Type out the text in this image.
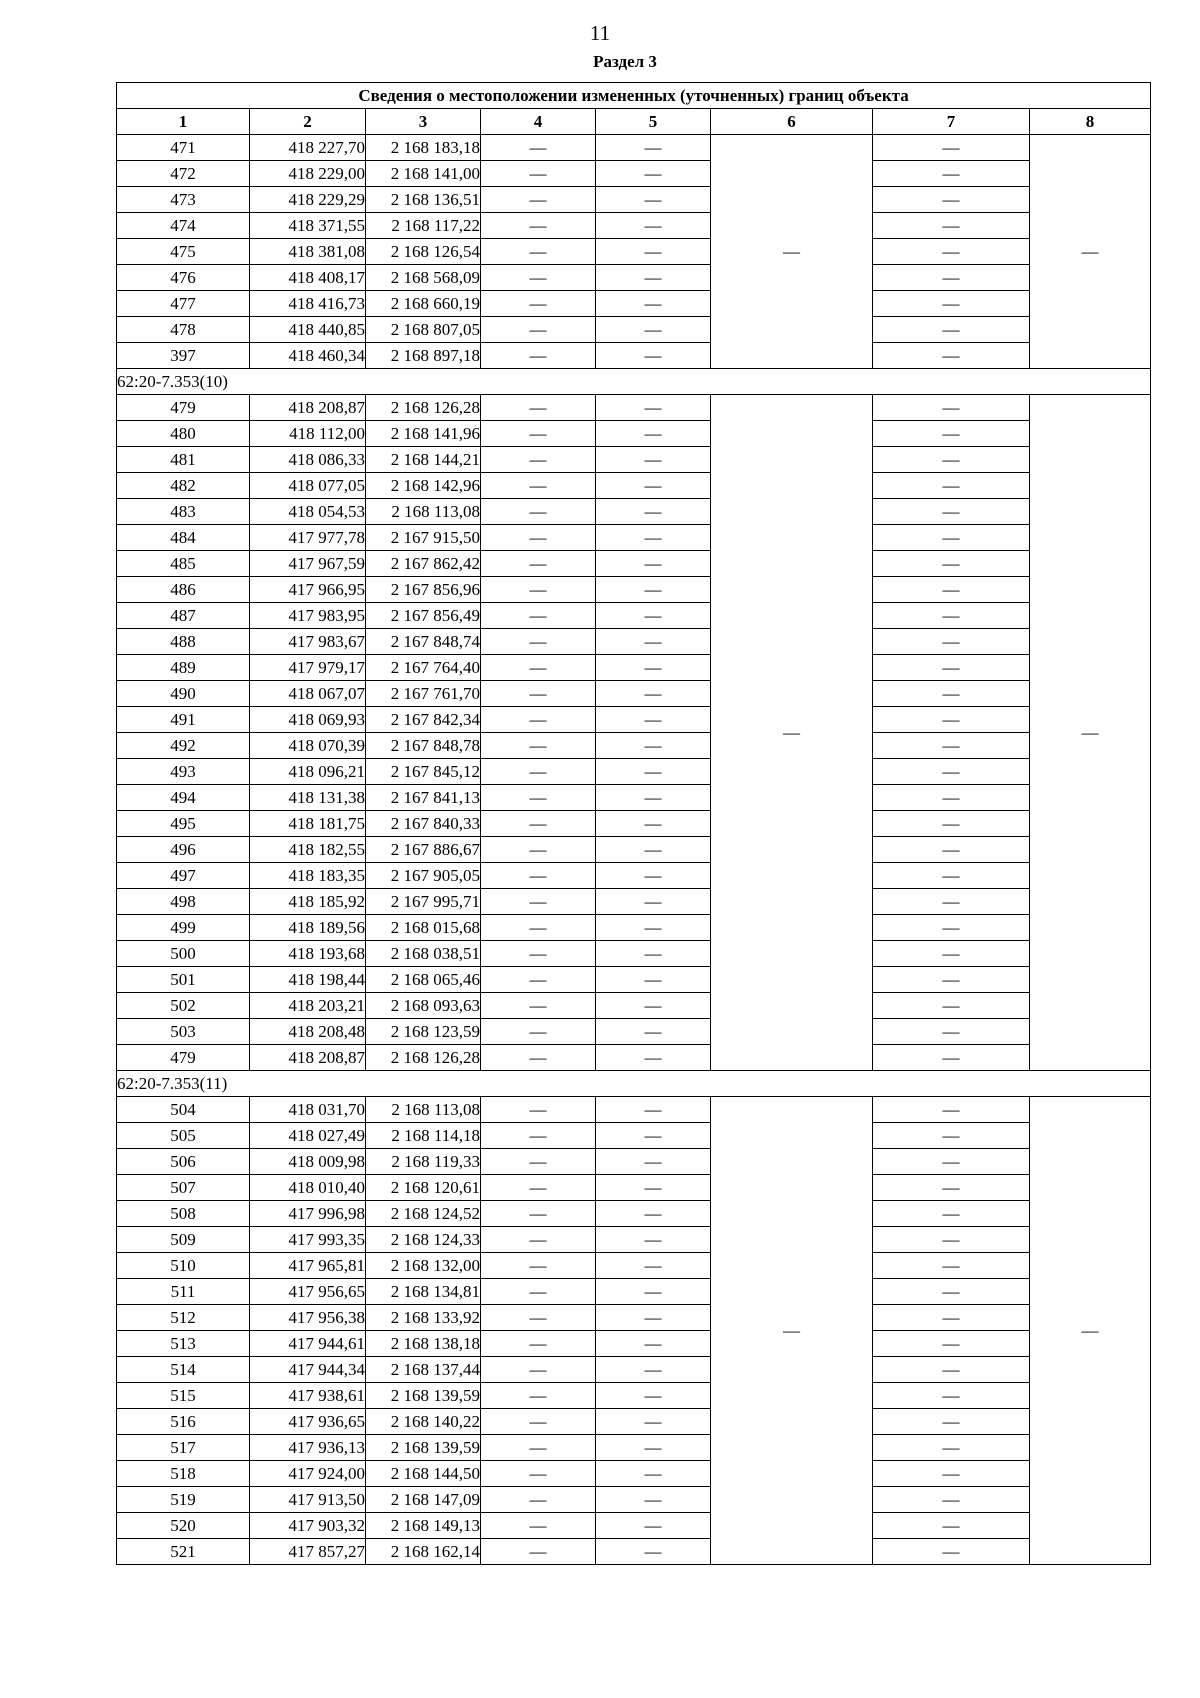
11
Раздел 3
Сведения о местоположении измененных (уточненных) границ объекта							
1	2	3	4	5	6	7	8
471	418 227,70	2 168 183,18	—	—	—	—	—
472	418 229,00	2 168 141,00	—	—		—	
473	418 229,29	2 168 136,51	—	—		—	
474	418 371,55	2 168 117,22	—	—		—	
475	418 381,08	2 168 126,54	—	—		—	
476	418 408,17	2 168 568,09	—	—		—	
477	418 416,73	2 168 660,19	—	—		—	
478	418 440,85	2 168 807,05	—	—		—	
397	418 460,34	2 168 897,18	—	—		—	
62:20-7.353(10)							
479	418 208,87	2 168 126,28	—	—	—	—	—
480	418 112,00	2 168 141,96	—	—		—	
481	418 086,33	2 168 144,21	—	—		—	
482	418 077,05	2 168 142,96	—	—		—	
483	418 054,53	2 168 113,08	—	—		—	
484	417 977,78	2 167 915,50	—	—		—	
485	417 967,59	2 167 862,42	—	—		—	
486	417 966,95	2 167 856,96	—	—		—	
487	417 983,95	2 167 856,49	—	—		—	
488	417 983,67	2 167 848,74	—	—		—	
489	417 979,17	2 167 764,40	—	—		—	
490	418 067,07	2 167 761,70	—	—		—	
491	418 069,93	2 167 842,34	—	—		—	
492	418 070,39	2 167 848,78	—	—		—	
493	418 096,21	2 167 845,12	—	—		—	
494	418 131,38	2 167 841,13	—	—		—	
495	418 181,75	2 167 840,33	—	—		—	
496	418 182,55	2 167 886,67	—	—		—	
497	418 183,35	2 167 905,05	—	—		—	
498	418 185,92	2 167 995,71	—	—		—	
499	418 189,56	2 168 015,68	—	—		—	
500	418 193,68	2 168 038,51	—	—		—	
501	418 198,44	2 168 065,46	—	—		—	
502	418 203,21	2 168 093,63	—	—		—	
503	418 208,48	2 168 123,59	—	—		—	
479	418 208,87	2 168 126,28	—	—		—	
62:20-7.353(11)							
504	418 031,70	2 168 113,08	—	—	—	—	—
505	418 027,49	2 168 114,18	—	—		—	
506	418 009,98	2 168 119,33	—	—		—	
507	418 010,40	2 168 120,61	—	—		—	
508	417 996,98	2 168 124,52	—	—		—	
509	417 993,35	2 168 124,33	—	—		—	
510	417 965,81	2 168 132,00	—	—		—	
511	417 956,65	2 168 134,81	—	—		—	
512	417 956,38	2 168 133,92	—	—		—	
513	417 944,61	2 168 138,18	—	—		—	
514	417 944,34	2 168 137,44	—	—		—	
515	417 938,61	2 168 139,59	—	—		—	
516	417 936,65	2 168 140,22	—	—		—	
517	417 936,13	2 168 139,59	—	—		—	
518	417 924,00	2 168 144,50	—	—		—	
519	417 913,50	2 168 147,09	—	—		—	
520	417 903,32	2 168 149,13	—	—		—	
521	417 857,27	2 168 162,14	—	—		—	
